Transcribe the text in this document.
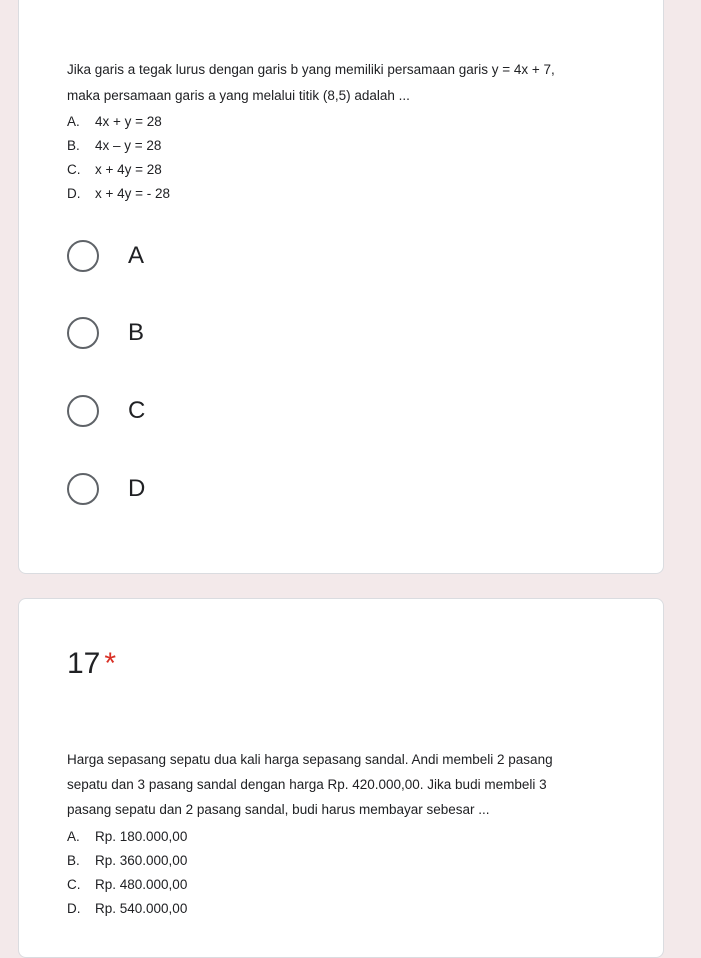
Jika garis a tegak lurus dengan garis b yang memiliki persamaan garis y = 4x + 7,
maka persamaan garis a yang melalui titik (8,5) adalah ...
A.	4x + y = 28
B.	4x – y = 28
C.	x + 4y = 28
D.	x + 4y = - 28
A
B
C
D
17 *
Harga sepasang sepatu dua kali harga sepasang sandal. Andi membeli 2 pasang
sepatu dan 3 pasang sandal dengan harga Rp. 420.000,00. Jika budi membeli 3
pasang sepatu dan 2 pasang sandal, budi harus membayar sebesar ...
A.	Rp. 180.000,00
B.	Rp. 360.000,00
C.	Rp. 480.000,00
D.	Rp. 540.000,00
